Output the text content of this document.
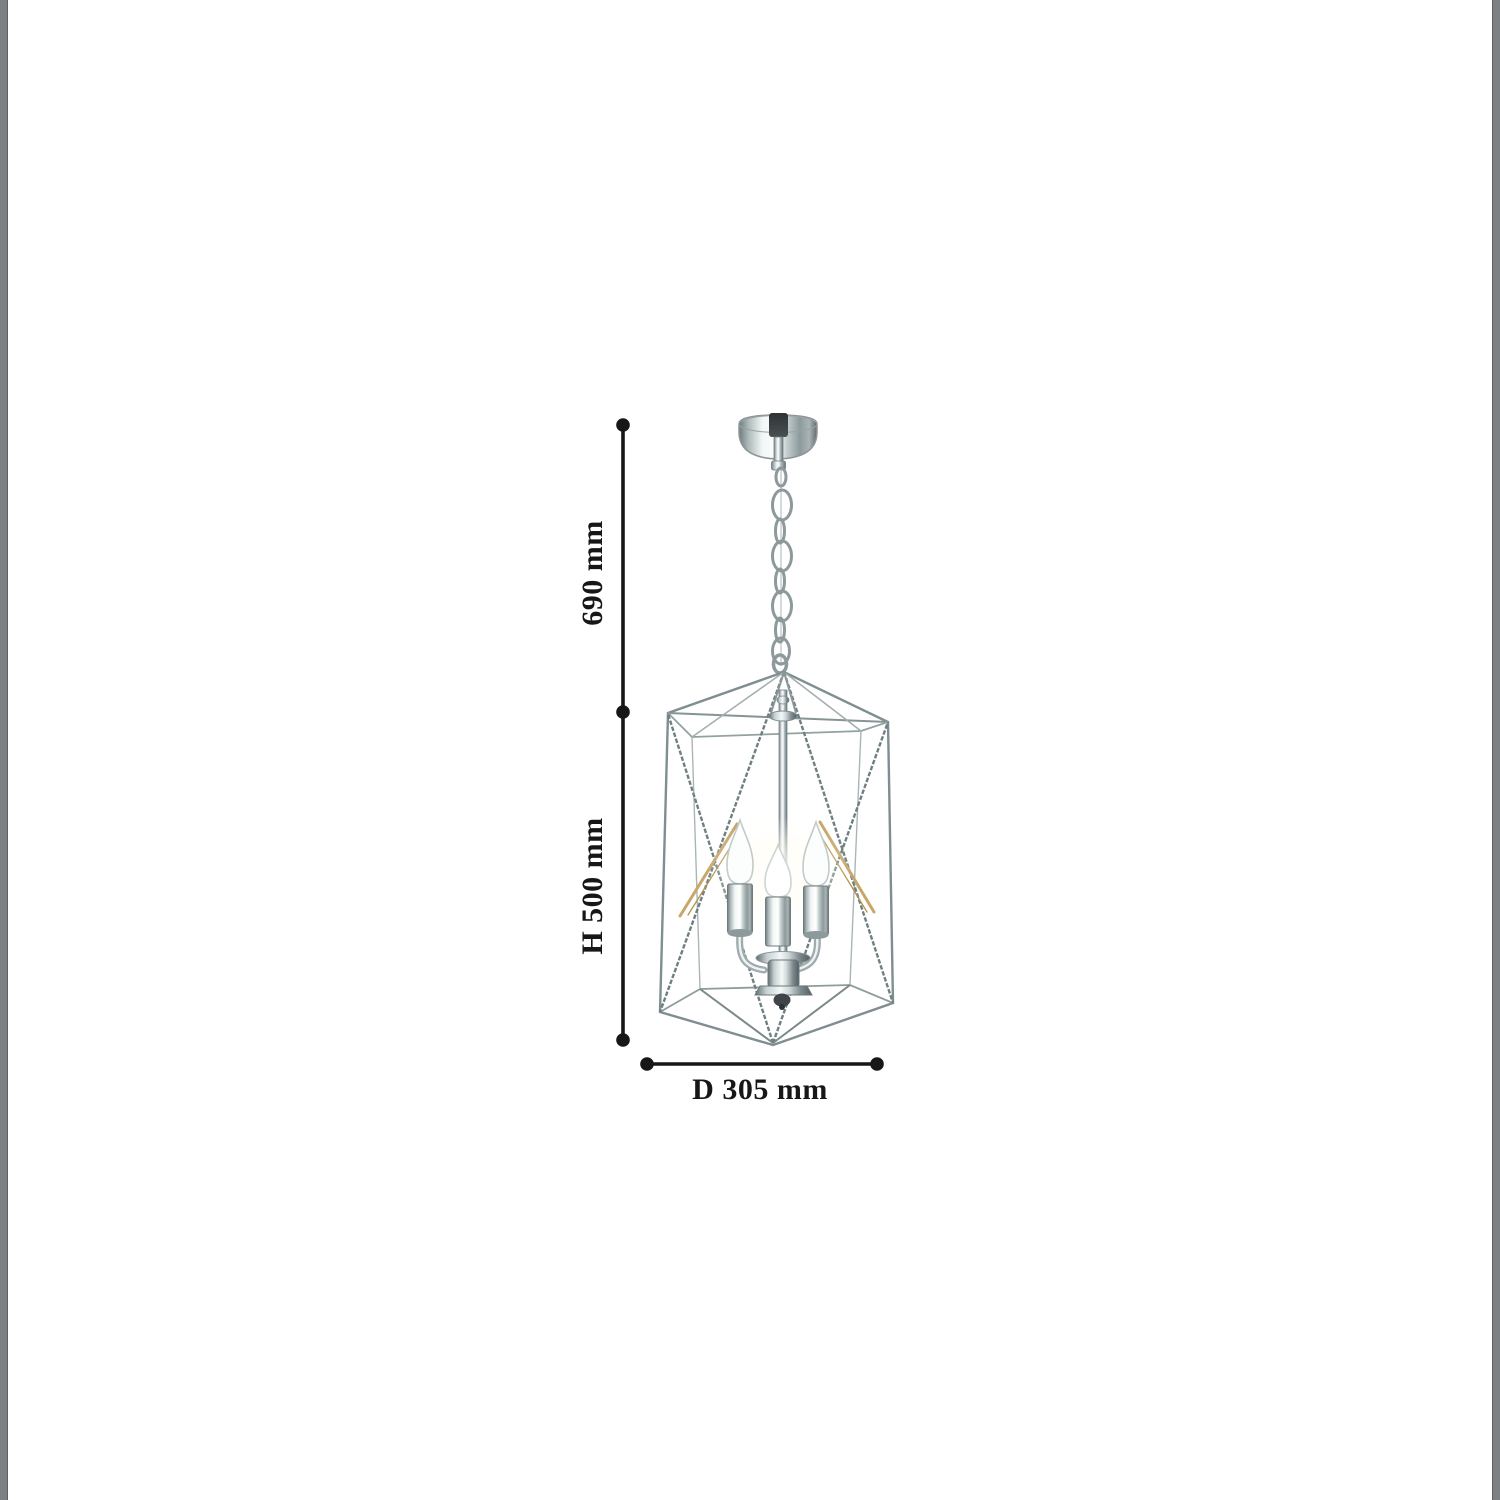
690 mm
H 500 mm
D 305 mm
